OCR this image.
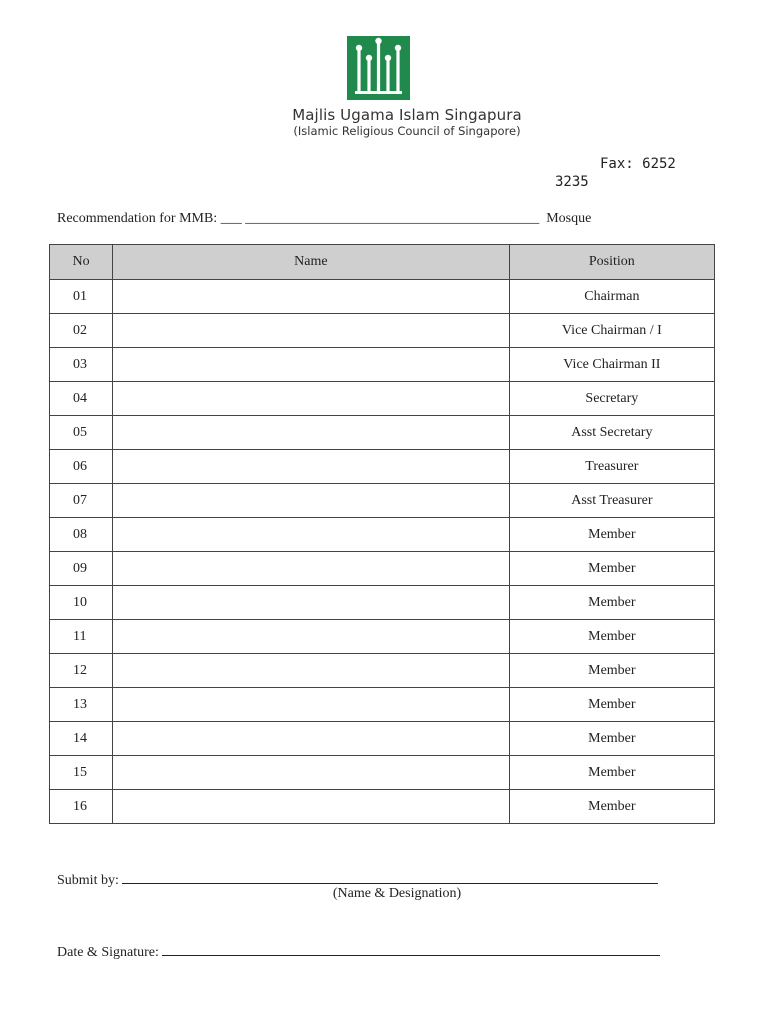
Majlis Ugama Islam Singapura
(Islamic Religious Council of Singapore)
Fax: 6252
3235
Recommendation for MMB: ___ __________________________________________  Mosque
No	Name	Position
01		Chairman
02		Vice Chairman / I
03		Vice Chairman II
04		Secretary
05		Asst Secretary
06		Treasurer
07		Asst Treasurer
08		Member
09		Member
10		Member
11		Member
12		Member
13		Member
14		Member
15		Member
16		Member
Submit by:
(Name & Designation)
Date & Signature:
